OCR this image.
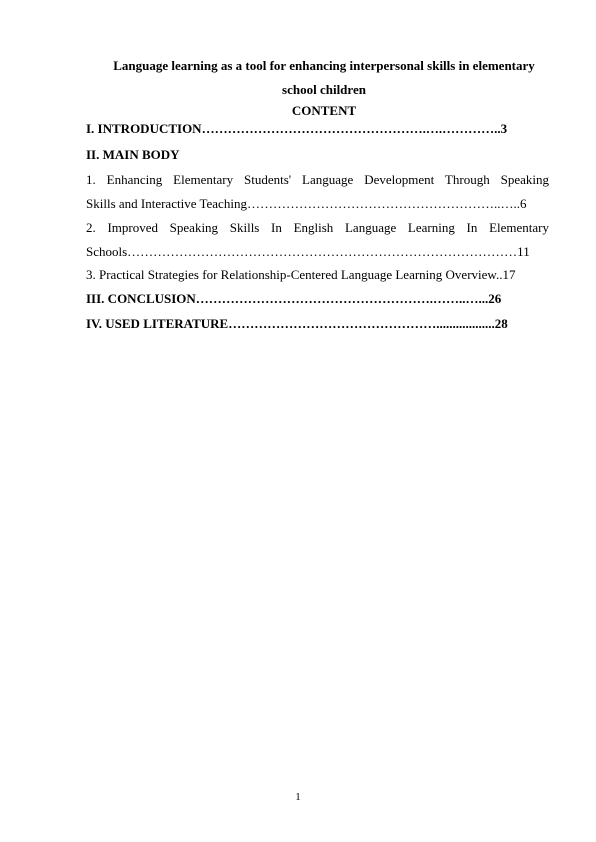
Language learning as a tool for enhancing interpersonal skills in elementary
school children
CONTENT
I. INTRODUCTION…………………………………………….….…………..3
II. MAIN BODY
1. Enhancing Elementary Students' Language Development Through Speaking
Skills and Interactive Teaching…………………………………………………..…..6
2. Improved Speaking Skills In English Language Learning In Elementary
Schools………………………………………………………………………………11
3. Practical Strategies for Relationship-Centered Language Learning Overview..17
III. CONCLUSION……………………………………………….……..…...26
IV. USED LITERATURE…………………………………………..................28
1
